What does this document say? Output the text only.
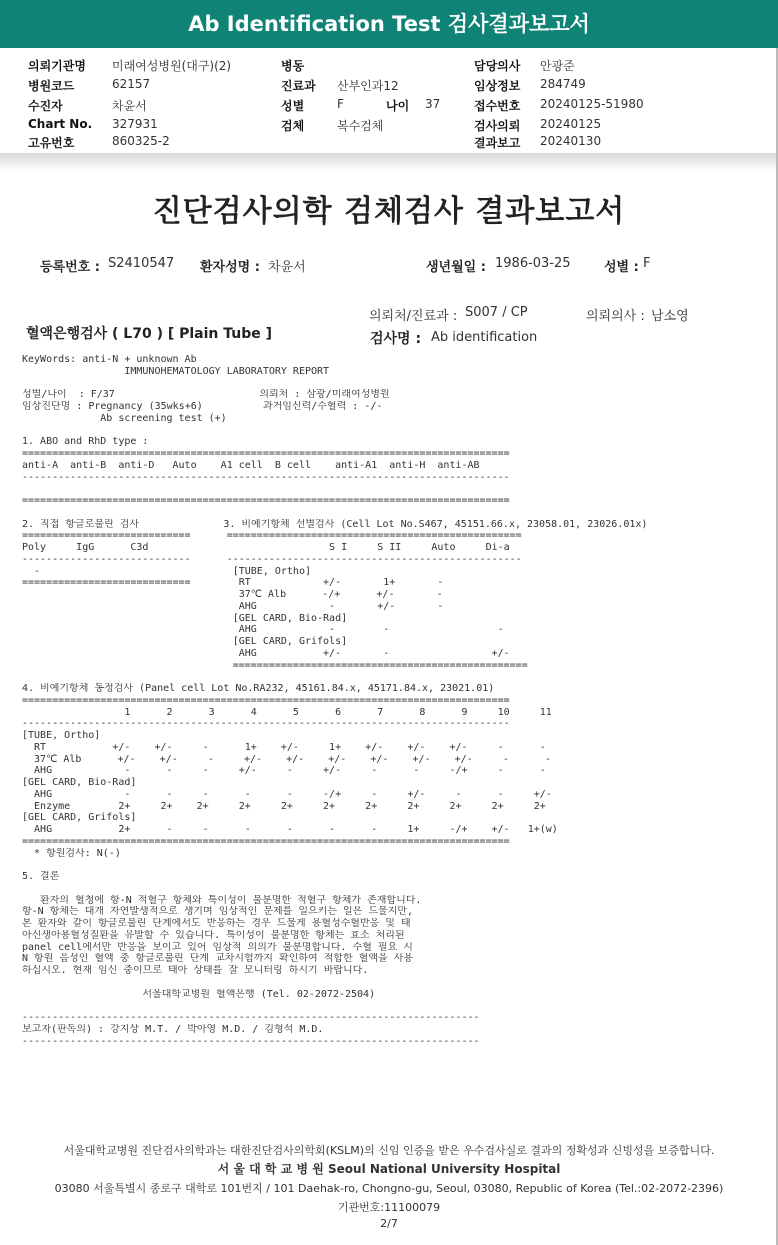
Ab Identification Test 검사결과보고서
의뢰기관명 미래여성병원(대구)(2)
병원코드	62157
수진자	차윤서
Chart No. 327931
고유번호	860325-2
병동
진료과 산부인과12
성별	F	나이 37
검체	복수검체
담당의사 안광준
임상정보 284749
접수번호 20240125-51980
검사의뢰 20240125
결과보고 20240130
진단검사의학 검체검사 결과보고서
등록번호 : S2410547 환자성명 : 차윤서	생년월일 : 1986-03-25	성별 : F
의뢰처/진료과 : S007 / CP	의뢰의사 : 남소영
혈액은행검사 ( L70 ) [ Plain Tube ]	검사명 : Ab identification
KeyWords: anti-N + unknown Ab
IMMUNOHEMATOLOGY LABORATORY REPORT
성별/나이  : F/37                        의뢰처 : 삼광/미래여성병원
임상진단명 : Pregnancy (35wks+6)          과거임신력/수혈력 : -/-
Ab screening test (+)
1. ABO and RhD type :
=================================================================================
anti-A  anti-B  anti-D   Auto    A1 cell  B cell    anti-A1  anti-H  anti-AB
---------------------------------------------------------------------------------
=================================================================================
2. 직접 항글로불린 검사              3. 비예기항체 선별검사 (Cell Lot No.S467, 45151.66.x, 23058.01, 23026.01x)
============================      =================================================
Poly     IgG      C3d                              S I     S II     Auto     Di-a
----------------------------      -------------------------------------------------
-                                [TUBE, Ortho]
============================        RT            +/-       1+       -
37℃ Alb      -/+      +/-       -
AHG            -       +/-       -
[GEL CARD, Bio-Rad]
AHG            -        -                  -
[GEL CARD, Grifols]
AHG           +/-       -                 +/-
=================================================
4. 비예기항체 동정검사 (Panel cell Lot No.RA232, 45161.84.x, 45171.84.x, 23021.01)
=================================================================================
1      2      3      4      5      6      7      8      9     10     11
---------------------------------------------------------------------------------
[TUBE, Ortho]
RT           +/-    +/-     -      1+    +/-     1+    +/-    +/-    +/-     -      -
37℃ Alb      +/-    +/-     -     +/-    +/-    +/-    +/-    +/-    +/-     -      -
AHG            -      -     -     +/-     -     +/-     -      -     -/+     -      -
[GEL CARD, Bio-Rad]
AHG            -      -     -      -      -     -/+     -     +/-     -      -     +/-
Enzyme        2+     2+    2+     2+     2+     2+     2+     2+     2+     2+     2+
[GEL CARD, Grifols]
AHG           2+      -     -      -      -      -      -     1+     -/+    +/-   1+(w)
=================================================================================
* 항원검사: N(-)
5. 결론
환자의 혈청에 항-N 적혈구 항체와 특이성이 불분명한 적혈구 항체가 존재합니다.
항-N 항체는 대개 자연발생적으로 생기며 임상적인 문제를 일으키는 일은 드물지만,
본 환자와 같이 항글로불린 단계에서도 반응하는 경우 드물게 용혈성수혈반응 및 태
아신생아용혈성질환을 유발할 수 있습니다. 특이성이 불분명한 항체는 효소 처리된
panel cell에서만 반응을 보이고 있어 임상적 의의가 불분명합니다. 수혈 필요 시
N 항원 음성인 혈액 중 항글로불린 단계 교차시험까지 확인하여 적합한 혈액을 사용
하십시오. 현재 임신 중이므로 태아 상태를 잘 모니터링 하시기 바랍니다.
서울대학교병원 혈액은행 (Tel. 02-2072-2504)
----------------------------------------------------------------------------
보고자(판독의) : 강지상 M.T. / 박아영 M.D. / 김형석 M.D.
----------------------------------------------------------------------------
서울대학교병원 진단검사의학과는 대한진단검사의학회(KSLM)의 신임 인증을 받은 우수검사실로 결과의 정확성과 신빙성을 보증합니다.
서 울 대 학 교 병 원 Seoul National University Hospital
03080 서울특별시 종로구 대학로 101번지 / 101 Daehak-ro, Chongno-gu, Seoul, 03080, Republic of Korea (Tel.:02-2072-2396)
기관번호:11100079
2/7
